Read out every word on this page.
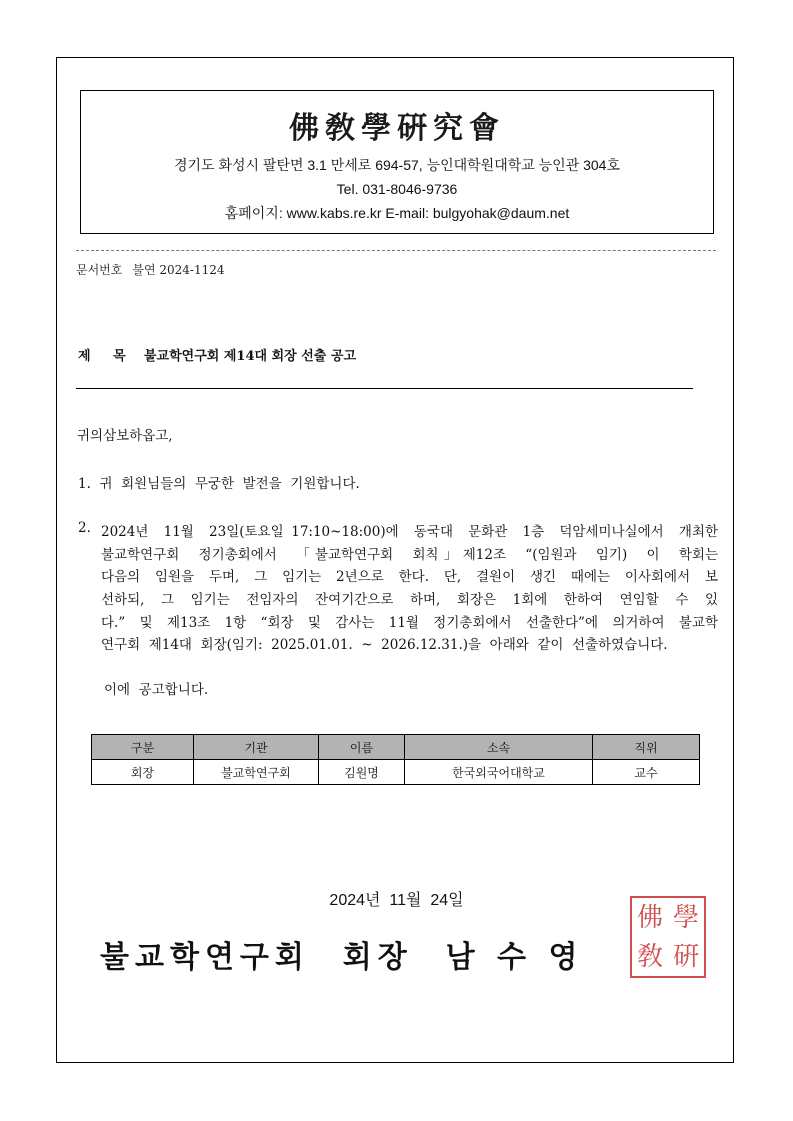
佛敎學硏究會
경기도 화성시 팔탄면 3.1 만세로 694-57, 능인대학원대학교 능인관 304호
Tel. 031-8046-9736
홈페이지: www.kabs.re.kr E-mail: bulgyohak@daum.net
문서번호 불연 2024-1124
제     목 불교학연구회 제14대 회장 선출 공고
귀의삼보하옵고,
1.  귀  회원님들의  무궁한  발전을  기원합니다.
2. 2024년  11월  23일(토요일 17:10~18:00)에  동국대  문화관  1층  덕암세미나실에서  개최한
불교학연구회  정기총회에서  「불교학연구회  회칙」제12조  “(임원과  임기)  이  학회는
다음의  임원을  두며,  그  임기는  2년으로  한다.  단,  결원이  생긴  때에는  이사회에서  보
선하되,  그  임기는  전임자의  잔여기간으로  하며,  회장은  1회에  한하여  연임할  수  있
다.”  및  제13조  1항  “회장  및  감사는  11월  정기총회에서  선출한다”에  의거하여  불교학
연구회  제14대  회장(임기:  2025.01.01.  ~  2026.12.31.)을  아래와  같이  선출하였습니다.
이에  공고합니다.
구분	기관	이름	소속	직위
회장	불교학연구회	김원명	한국외국어대학교	교수
2024년  11월  24일
불교학연구회  회장  남 수 영
佛 學
敎 硏
